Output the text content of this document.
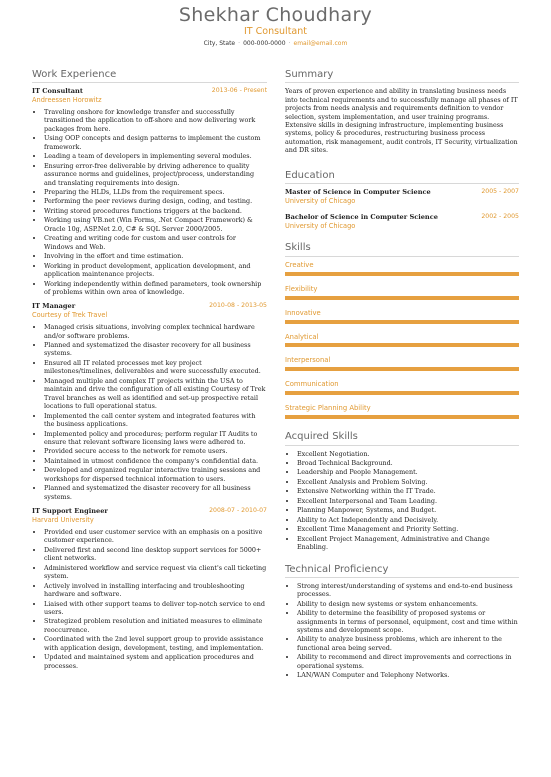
Shekhar Choudhary
IT Consultant
City, State · 000-000-0000 · email@email.com
Work Experience
IT Consultant	2013-06 - Present
Andreessen Horowitz
• Traveling onshore for knowledge transfer and successfully transitioned the application to off-shore and now delivering work packages from here.
• Using OOP concepts and design patterns to implement the custom framework.
• Leading a team of developers in implementing several modules.
• Ensuring error-free deliverable by driving adherence to quality assurance norms and guidelines, project/process, understanding and translating requirements into design.
• Preparing the HLDs, LLDs from the requirement specs.
• Performing the peer reviews during design, coding, and testing.
• Writing stored procedures functions triggers at the backend.
• Working using VB.net (Win Forms, .Net Compact Framework) & Oracle 10g, ASP.Net 2.0, C# & SQL Server 2000/2005.
• Creating and writing code for custom and user controls for Windows and Web.
• Involving in the effort and time estimation.
• Working in product development, application development, and application maintenance projects.
• Working independently within defined parameters, took ownership of problems within own area of knowledge.
IT Manager	2010-08 - 2013-05
Courtesy of Trek Travel
• Managed crisis situations, involving complex technical hardware and/or software problems.
• Planned and systematized the disaster recovery for all business systems.
• Ensured all IT related processes met key project milestones/timelines, deliverables and were successfully executed.
• Managed multiple and complex IT projects within the USA to maintain and drive the configuration of all existing Courtesy of Trek Travel branches as well as identified and set-up prospective retail locations to full operational status.
• Implemented the call center system and integrated features with the business applications.
• Implemented policy and procedures; perform regular IT Audits to ensure that relevant software licensing laws were adhered to.
• Provided secure access to the network for remote users.
• Maintained in utmost confidence the company's confidential data.
• Developed and organized regular interactive training sessions and workshops for dispersed technical information to users.
• Planned and systematized the disaster recovery for all business systems.
IT Support Engineer	2008-07 - 2010-07
Harvard University
• Provided end user customer service with an emphasis on a positive customer experience.
• Delivered first and second line desktop support services for 5000+ client networks.
• Administered workflow and service request via client's call ticketing system.
• Actively involved in installing interfacing and troubleshooting hardware and software.
• Liaised with other support teams to deliver top-notch service to end users.
• Strategized problem resolution and initiated measures to eliminate reoccurrence.
• Coordinated with the 2nd level support group to provide assistance with application design, development, testing, and implementation.
• Updated and maintained system and application procedures and processes.
Summary
Years of proven experience and ability in translating business needs into technical requirements and to successfully manage all phases of IT projects from needs analysis and requirements definition to vendor selection, system implementation, and user training programs. Extensive skills in designing infrastructure, implementing business systems, policy & procedures, restructuring business process automation, risk management, audit controls, IT Security, virtualization and DR sites.
Education
Master of Science in Computer Science	2005 - 2007
University of Chicago
Bachelor of Science in Computer Science	2002 - 2005
University of Chicago
Skills
Creative
Flexibility
Innovative
Analytical
Interpersonal
Communication
Strategic Planning Ability
Acquired Skills
• Excellent Negotiation.
• Broad Technical Background.
• Leadership and People Management.
• Excellent Analysis and Problem Solving.
• Extensive Networking within the IT Trade.
• Excellent Interpersonal and Team Leading.
• Planning Manpower, Systems, and Budget.
• Ability to Act Independently and Decisively.
• Excellent Time Management and Priority Setting.
• Excellent Project Management, Administrative and Change Enabling.
Technical Proficiency
• Strong interest/understanding of systems and end-to-end business processes.
• Ability to design new systems or system enhancements.
• Ability to determine the feasibility of proposed systems or assignments in terms of personnel, equipment, cost and time within systems and development scope.
• Ability to analyze business problems, which are inherent to the functional area being served.
• Ability to recommend and direct improvements and corrections in operational systems.
• LAN/WAN Computer and Telephony Networks.
